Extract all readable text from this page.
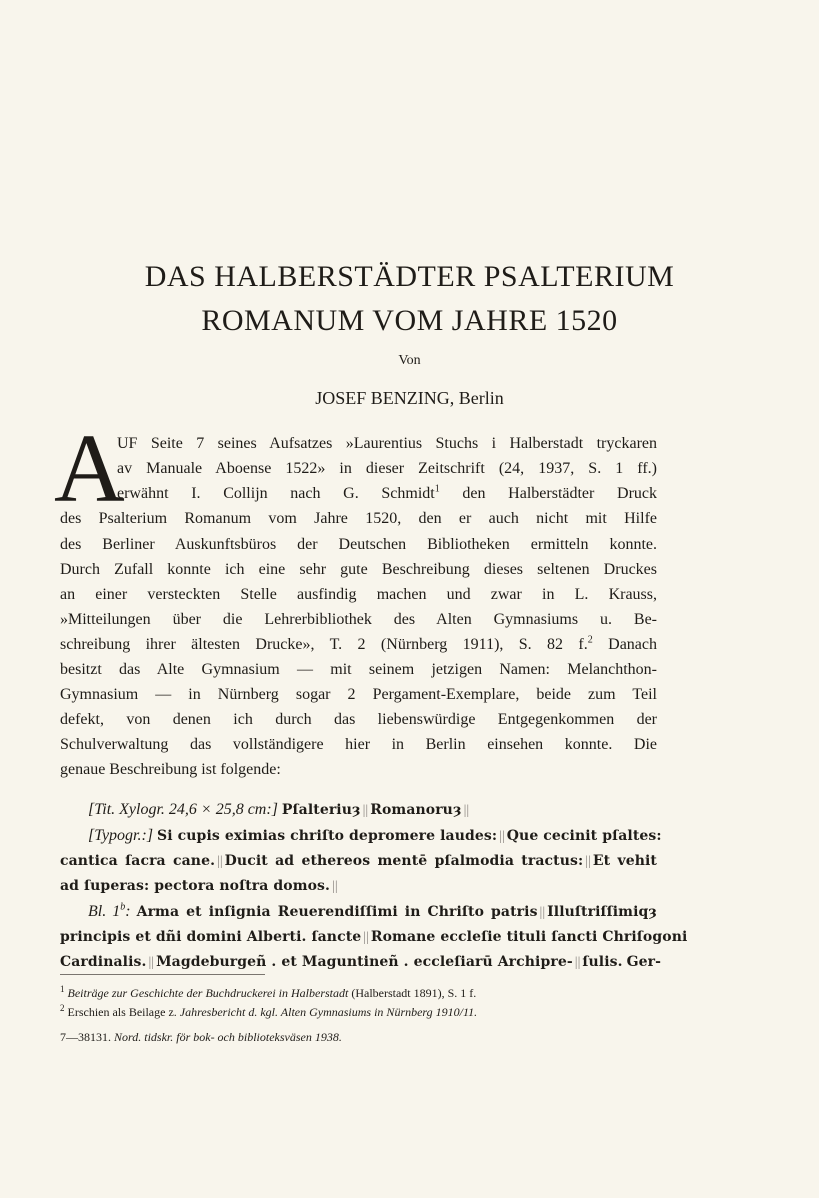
DAS HALBERSTÄDTER PSALTERIUM
ROMANUM VOM JAHRE 1520
Von
JOSEF BENZING, Berlin
A
UF Seite 7 seines Aufsatzes »Laurentius Stuchs i Halberstadt tryckaren
av Manuale Aboense 1522» in dieser Zeitschrift (24, 1937, S. 1 ff.)
erwähnt I. Collijn nach G. Schmidt$^1$ den Halberstädter Druck
des Psalterium Romanum vom Jahre 1520, den er auch nicht mit Hilfe
des Berliner Auskunftsbüros der Deutschen Bibliotheken ermitteln konnte.
Durch Zufall konnte ich eine sehr gute Beschreibung dieses seltenen Druckes
an einer versteckten Stelle ausfindig machen und zwar in L. Krauss,
»Mitteilungen über die Lehrerbibliothek des Alten Gymnasiums u. Be-
schreibung ihrer ältesten Drucke», T. 2 (Nürnberg 1911), S. 82 f.$^2$ Danach
besitzt das Alte Gymnasium — mit seinem jetzigen Namen: Melanchthon-
Gymnasium — in Nürnberg sogar 2 Pergament-Exemplare, beide zum Teil
defekt, von denen ich durch das liebenswürdige Entgegenkommen der
Schulverwaltung das vollständigere hier in Berlin einsehen konnte. Die
genaue Beschreibung ist folgende:
[Tit. Xylogr. 24,6 × 25,8 cm:] Pſalteriuȝ || Romanoruȝ ||
[Typogr.:] Si cupis eximias chriſto depromere laudes: || Que cecinit pſaltes:
cantica ſacra cane. || Ducit ad ethereos mentē pſalmodia tractus: || Et vehit
ad ſuperas: pectora noſtra domos. ||
Bl. 1$^b$: Arma et inſignia Reuerendiſſimi in Chriſto patris || Illuſtriſſimiqȝ
principis et dñi domini Alberti. ſancte || Romane eccleſie tituli ſancti Chriſogoni
Cardinalis. || Magdeburgeñ . et Maguntineñ . eccleſiarū Archipre- || ſulis. Ger-
$^1$ Beiträge zur Geschichte der Buchdruckerei in Halberstadt (Halberstadt 1891), S. 1 f.
$^2$ Erschien als Beilage z. Jahresbericht d. kgl. Alten Gymnasiums in Nürnberg 1910/11.
7—38131. Nord. tidskr. för bok- och biblioteksväsen 1938.
